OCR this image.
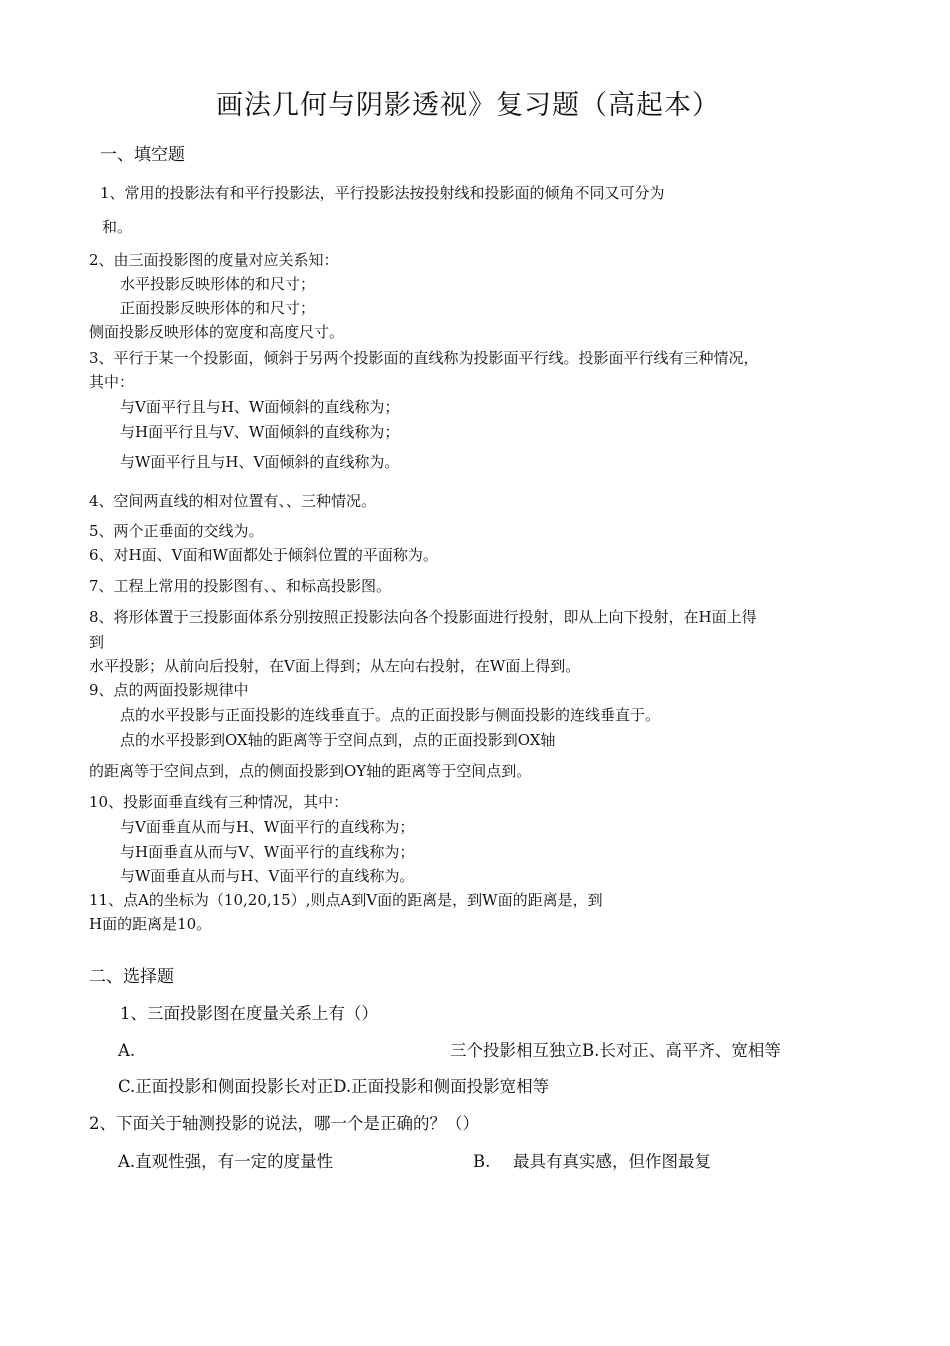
画法几何与阴影透视》复习题（高起本）
一、填空题
1、常用的投影法有和平行投影法，平行投影法按投射线和投影面的倾角不同又可分为
和。
2、由三面投影图的度量对应关系知：
水平投影反映形体的和尺寸；
正面投影反映形体的和尺寸；
侧面投影反映形体的宽度和高度尺寸。
3、平行于某一个投影面，倾斜于另两个投影面的直线称为投影面平行线。投影面平行线有三种情况，
其中：
与V面平行且与H、W面倾斜的直线称为；
与H面平行且与V、W面倾斜的直线称为；
与W面平行且与H、V面倾斜的直线称为。
4、空间两直线的相对位置有、、三种情况。
5、两个正垂面的交线为。
6、对H面、V面和W面都处于倾斜位置的平面称为。
7、工程上常用的投影图有、、和标高投影图。
8、将形体置于三投影面体系分别按照正投影法向各个投影面进行投射，即从上向下投射，在H面上得
到
水平投影；从前向后投射，在V面上得到；从左向右投射，在W面上得到。
9、点的两面投影规律中
点的水平投影与正面投影的连线垂直于。点的正面投影与侧面投影的连线垂直于。
点的水平投影到OX轴的距离等于空间点到，点的正面投影到OX轴
的距离等于空间点到，点的侧面投影到OY轴的距离等于空间点到。
10、投影面垂直线有三种情况，其中：
与V面垂直从而与H、W面平行的直线称为；
与H面垂直从而与V、W面平行的直线称为；
与W面垂直从而与H、V面平行的直线称为。
11、点A的坐标为（10,20,15）,则点A到V面的距离是，到W面的距离是，到
H面的距离是10。
二、选择题
1、三面投影图在度量关系上有（）
A.	三个投影相互独立B.长对正、高平齐、宽相等
C.正面投影和侧面投影长对正D.正面投影和侧面投影宽相等
2、下面关于轴测投影的说法，哪一个是正确的？（）
A.直观性强，有一定的度量性	B. 最具有真实感，但作图最复
